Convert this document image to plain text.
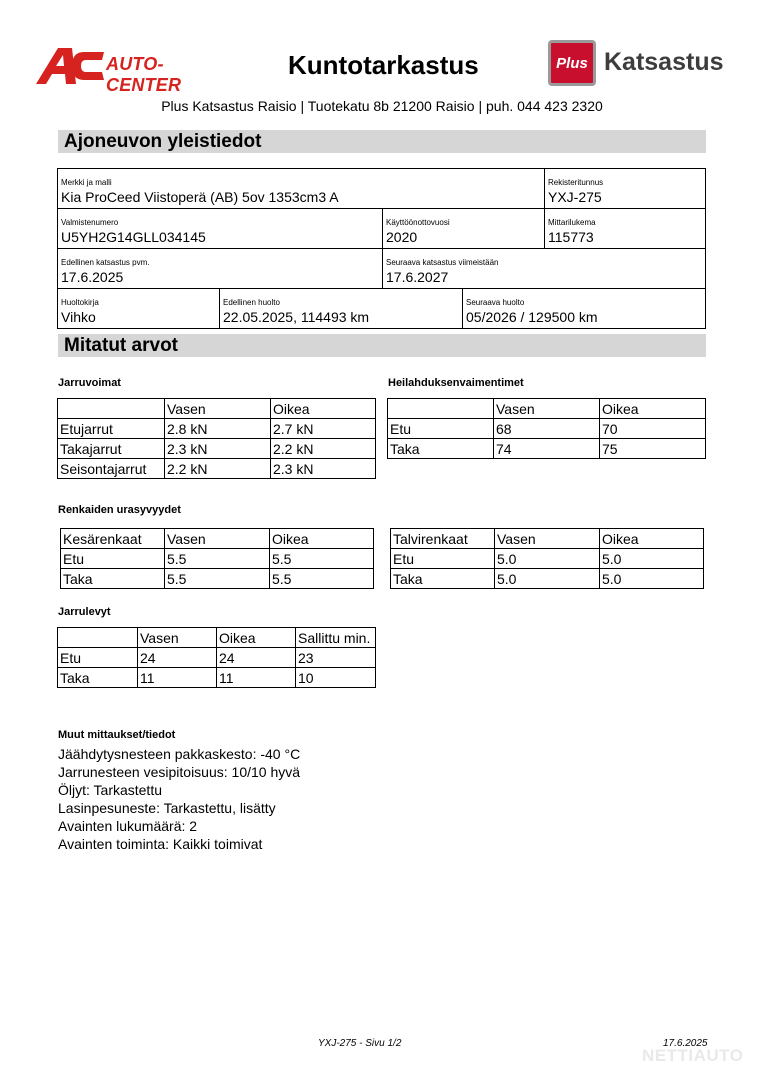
AUTO-CENTER
Kuntotarkastus	Plus Katsastus
Plus Katsastus Raisio | Tuotekatu 8b 21200 Raisio | puh. 044 423 2320
Ajoneuvon yleistiedot
Merkki ja malli
Kia ProCeed Viistoperä (AB) 5ov 1353cm3 A
Rekisteritunnus
YXJ-275
Valmistenumero
U5YH2G14GLL034145
Käyttöönottovuosi
2020
Mittarilukema
115773
Edellinen katsastus pvm.
17.6.2025
Seuraava katsastus viimeistään
17.6.2027
Huoltokirja
Vihko
Edellinen huolto
22.05.2025, 114493 km
Seuraava huolto
05/2026 / 129500 km
Mitatut arvot
Jarruvoimat
	Vasen	Oikea
Etujarrut	2.8 kN	2.7 kN
Takajarrut	2.3 kN	2.2 kN
Seisontajarrut	2.2 kN	2.3 kN
Heilahduksenvaimentimet
	Vasen	Oikea
Etu	68	70
Taka	74	75
Renkaiden urasyvyydet
Kesärenkaat	Vasen	Oikea
Etu	5.5	5.5
Taka	5.5	5.5
Talvirenkaat	Vasen	Oikea
Etu	5.0	5.0
Taka	5.0	5.0
Jarrulevyt
	Vasen	Oikea	Sallittu min.
Etu	24	24	23
Taka	11	11	10
Muut mittaukset/tiedot
Jäähdytysnesteen pakkaskesto: -40 °C
Jarrunesteen vesipitoisuus: 10/10 hyvä
Öljyt: Tarkastettu
Lasinpesuneste: Tarkastettu, lisätty
Avainten lukumäärä: 2
Avainten toiminta: Kaikki toimivat
YXJ-275 - Sivu 1/2	17.6.2025
NETTIAUTO
